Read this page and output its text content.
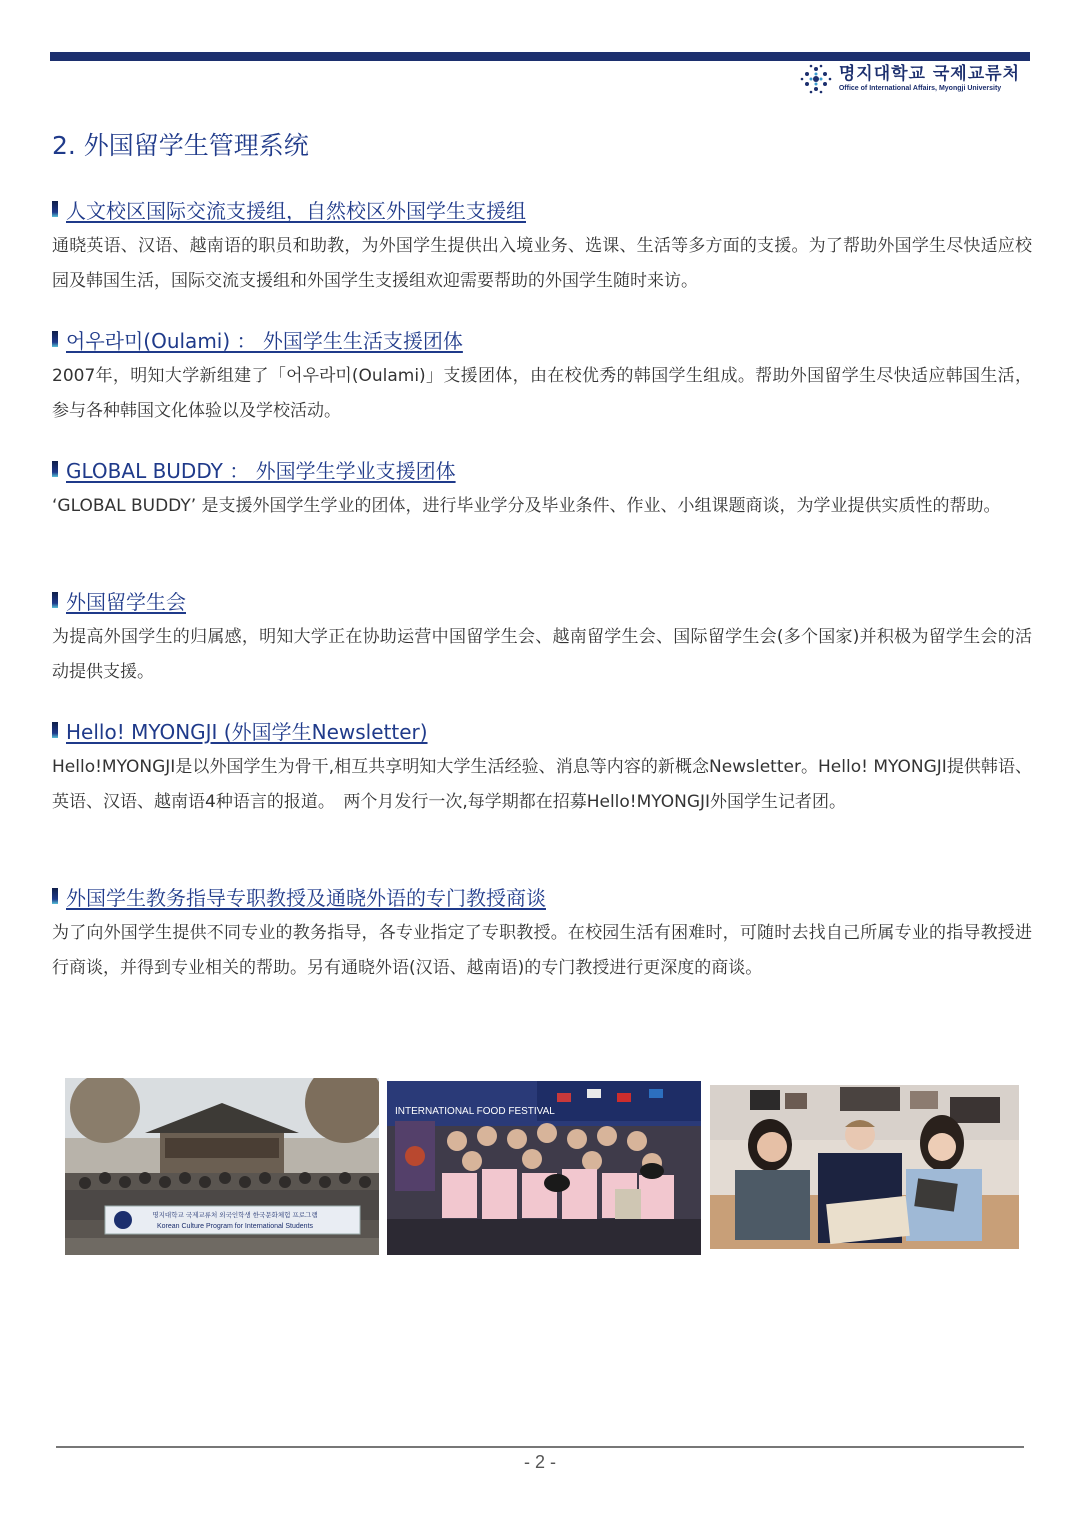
명지대학교 국제교류처
Office of International Affairs, Myongji University
2. 外国留学生管理系统
人文校区国际交流支援组，自然校区外国学生支援组
通晓英语、汉语、越南语的职员和助教，为外国学生提供出入境业务、选课、生活等多方面的支援。为了帮助外国学生尽快适应校园及韩国生活，国际交流支援组和外国学生支援组欢迎需要帮助的外国学生随时来访。
어우라미(Oulami) ： 外国学生生活支援团体
2007年，明知大学新组建了「어우라미(Oulami)」支援团体，由在校优秀的韩国学生组成。帮助外国留学生尽快适应韩国生活，参与各种韩国文化体验以及学校活动。
GLOBAL BUDDY ： 外国学生学业支援团体
‘GLOBAL BUDDY’ 是支援外国学生学业的团体，进行毕业学分及毕业条件、作业、小组课题商谈，为学业提供实质性的帮助。
外国留学生会
为提高外国学生的归属感，明知大学正在协助运营中国留学生会、越南留学生会、国际留学生会(多个国家)并积极为留学生会的活动提供支援。
Hello! MYONGJI (外国学生Newsletter)
Hello!MYONGJI是以外国学生为骨干,相互共享明知大学生活经验、消息等内容的新概念Newsletter。Hello! MYONGJI提供韩语、英语、汉语、越南语4种语言的报道。　两个月发行一次,每学期都在招募Hello!MYONGJI外国学生记者团。
外国学生教务指导专职教授及通晓外语的专门教授商谈
为了向外国学生提供不同专业的教务指导，各专业指定了专职教授。在校园生活有困难时，可随时去找自己所属专业的指导教授进行商谈，并得到专业相关的帮助。另有通晓外语(汉语、越南语)的专门教授进行更深度的商谈。
명지대학교 국제교류처 외국인학생 한국문화체험 프로그램
Korean Culture Program for International Students
INTERNATIONAL FOOD FESTIVAL
- 2 -
